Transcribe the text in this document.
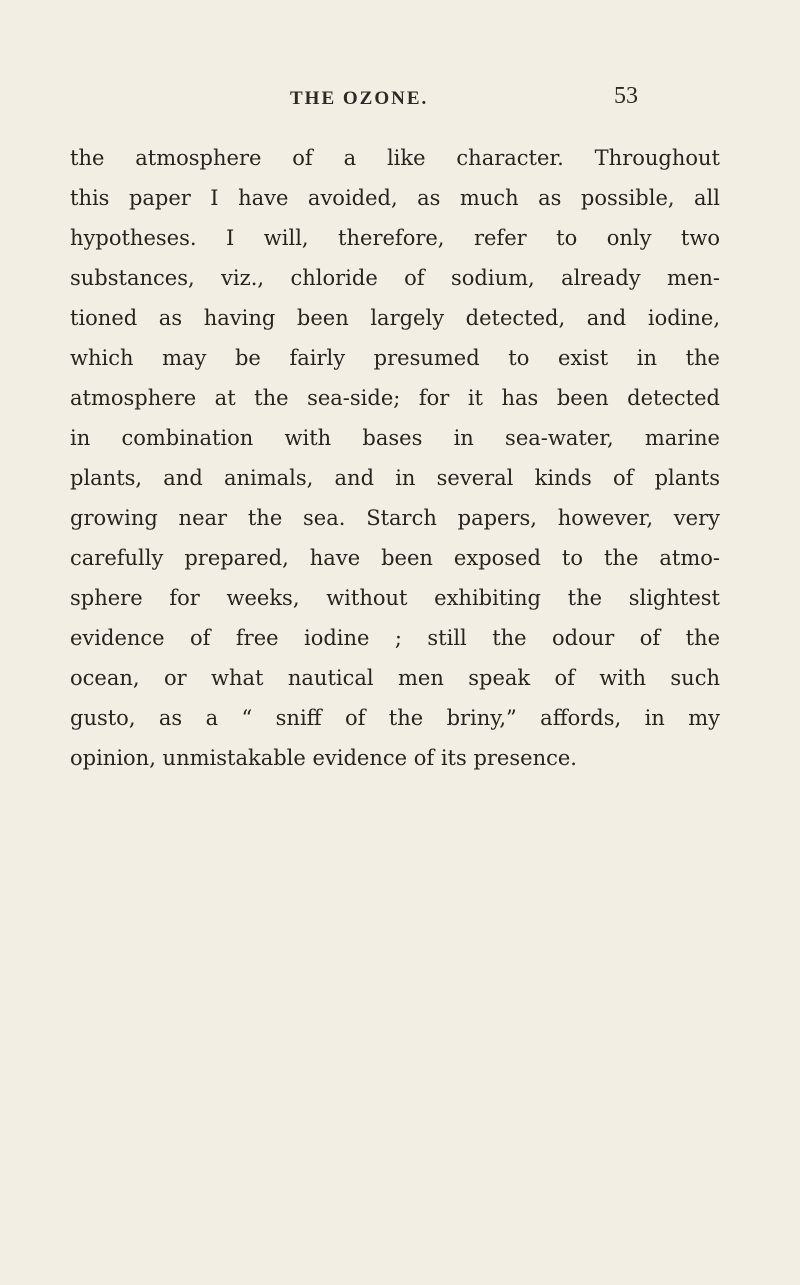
THE OZONE.	53
the atmosphere of a like character. Throughout
this paper I have avoided, as much as possible, all
hypotheses. I will, therefore, refer to only two
substances, viz., chloride of sodium, already men-
tioned as having been largely detected, and iodine,
which may be fairly presumed to exist in the
atmosphere at the sea-side; for it has been detected
in combination with bases in sea-water, marine
plants, and animals, and in several kinds of plants
growing near the sea. Starch papers, however, very
carefully prepared, have been exposed to the atmo-
sphere for weeks, without exhibiting the slightest
evidence of free iodine ; still the odour of the
ocean, or what nautical men speak of with such
gusto, as a “ sniff of the briny,” affords, in my
opinion, unmistakable evidence of its presence.
